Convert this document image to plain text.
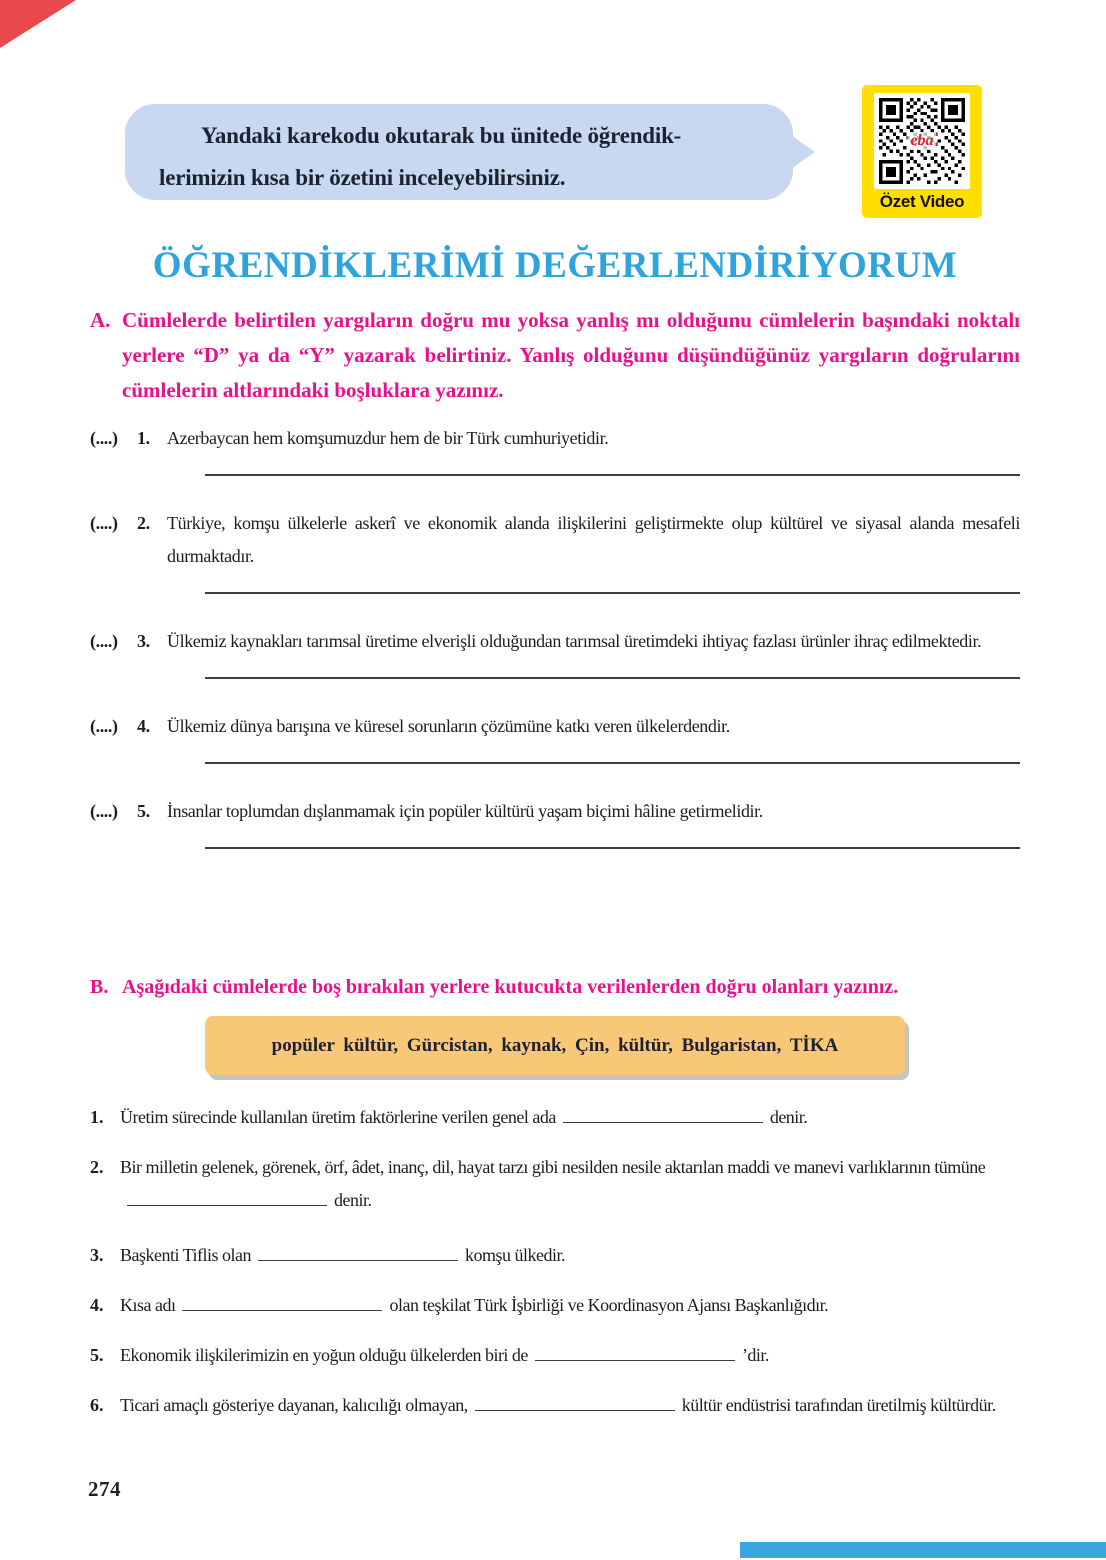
Yandaki karekodu okutarak bu ünitede öğrendik-
lerimizin kısa bir özetini inceleyebilirsiniz.
eba
Özet Video
ÖĞRENDİKLERİMİ DEĞERLENDİRİYORUM
A. Cümlelerde belirtilen yargıların doğru mu yoksa yanlış mı olduğunu cümlelerin başındaki noktalı yerlere “D” ya da “Y” yazarak belirtiniz. Yanlış olduğunu düşündüğünüz yargıların doğrularını cümlelerin altlarındaki boşluklara yazınız.
(....)	1. Azerbaycan hem komşumuzdur hem de bir Türk cumhuriyetidir.
(....)	2. Türkiye, komşu ülkelerle askerî ve ekonomik alanda ilişkilerini geliştirmekte olup kültürel ve siyasal alanda mesafeli durmaktadır.
(....)	3. Ülkemiz kaynakları tarımsal üretime elverişli olduğundan tarımsal üretimdeki ihtiyaç fazlası ürünler ihraç edilmektedir.
(....)	4. Ülkemiz dünya barışına ve küresel sorunların çözümüne katkı veren ülkelerdendir.
(....)	5. İnsanlar toplumdan dışlanmamak için popüler kültürü yaşam biçimi hâline getirmelidir.
B. Aşağıdaki cümlelerde boş bırakılan yerlere kutucukta verilenlerden doğru olanları yazınız.
popüler kültür, Gürcistan, kaynak, Çin, kültür, Bulgaristan, TİKA
1. Üretim sürecinde kullanılan üretim faktörlerine verilen genel ada	denir.
2. Bir milletin gelenek, görenek, örf, âdet, inanç, dil, hayat tarzı gibi nesilden nesile aktarılan maddi ve manevi varlıklarının tümünedenir.
3. Başkenti Tiflis olan	komşu ülkedir.
4. Kısa adı	olan teşkilat Türk İşbirliği ve Koordinasyon Ajansı Başkanlığıdır.
5. Ekonomik ilişkilerimizin en yoğun olduğu ülkelerden biri de	’dir.
6. Ticari amaçlı gösteriye dayanan, kalıcılığı olmayan,	kültür endüstrisi tarafından üretilmiş kültürdür.
274
